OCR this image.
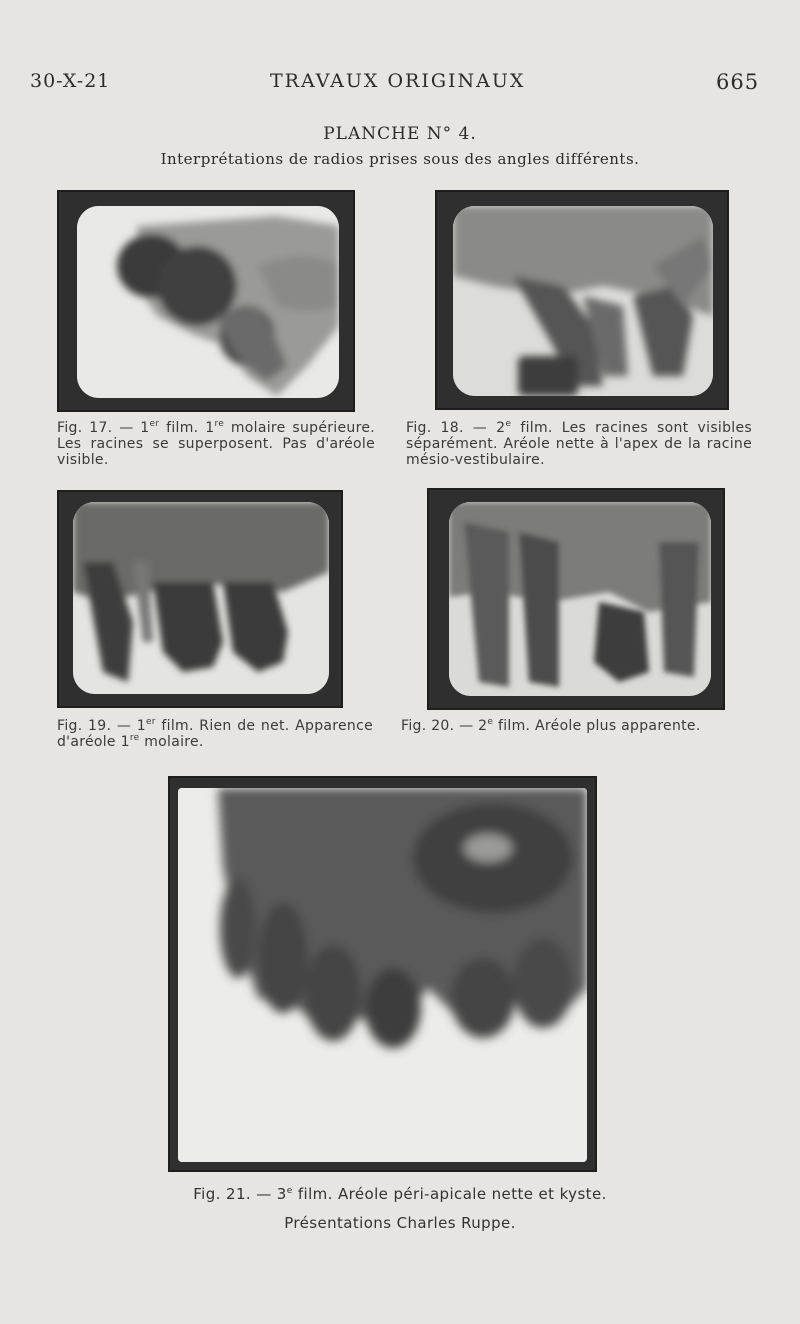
30-X-21	TRAVAUX ORIGINAUX	665
PLANCHE N° 4.
Interprétations de radios prises sous des angles différents.
Fig. 17. — 1er film. 1re molaire supérieure. Les racines se superposent. Pas d'aréole visible.
Fig. 18. — 2e film. Les racines sont visibles séparément. Aréole nette à l'apex de la racine mésio-vestibulaire.
Fig. 19. — 1er film. Rien de net. Apparence d'aréole 1re molaire.
Fig. 20. — 2e film. Aréole plus apparente.
Fig. 21. — 3e film. Aréole péri-apicale nette et kyste.
Présentations Charles Ruppe.
